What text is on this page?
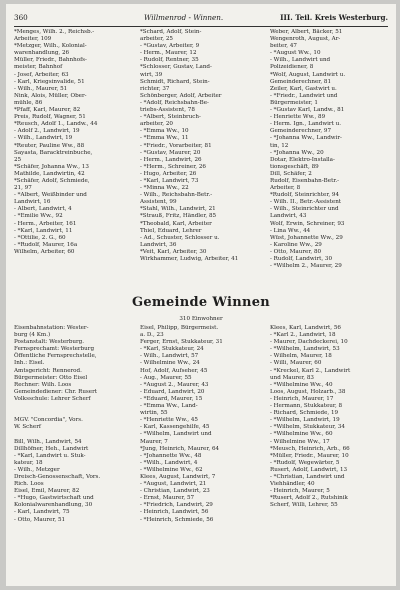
360	Willmenrod - Winnen.	III. Teil. Kreis Westerburg.
*Menges, Wilh. 2., Reichsb.-
Arbeiter, 109
*Metzger, Wilh., Kolonial-
warenhandlung, 26
Müller, Friedr., Bahnhofs-
meister, Bahnhof
- Josef, Arbeiter, 63
- Karl, Kriegsinvalide, 51
- Wilh., Maurer, 51
Nink, Alois, Müller, Ober-
mühle, 86
*Pfaff, Karl, Maurer, 82
Preis, Rudolf, Wagner, 51
*Reusch, Adolf 1., Landw., 44
- Adolf 2., Landwirt, 19
- Wilh., Landwirt, 19
*Reuter, Pauline Ww., 88
Sayasta, Baracktreinbuche,
25
*Schäfer, Johanna Ww., 13
Mathilde, Landwirtin, 42
*Schäfer, Adolf, Schmiede,
21, 97
- *Albert, Weißbinder und
Landwirt, 16
- Albert, Landwirt, 4
- *Emilie Ww., 92
- Herm., Arbeiter, 161
- *Karl, Landwirt, 11
- *Ottilie, 2. G., 60
- *Rudolf, Maurer, 16a
Wilhelm, Arbeiter, 60
*Schard, Adolf, Stein-
arbeiter, 25
- *Gustav, Arbeiter, 9
- Herm., Maurer, 12
- Rudolf, Rentner, 35
*Schlosser, Gustav, Land-
wirt, 39
Schmidt, Richard, Stein-
richter, 37
Schönberger, Adolf, Arbeiter
- *Adolf, Reichsbahn-Be-
triebs-Assistent, 78
- *Albert, Steinbruch-
arbeiter, 20
- *Emma Ww., 10
- *Emma Ww., 11
- *Friedr., Vorarbeiter, 81
- *Gustav, Maurer, 20
- Herm., Landwirt, 26
- *Herm., Schreiner, 26
- Hugo, Arbeiter, 26
- *Karl, Landwirt, 73
- *Minna Ww., 22
- Wilh., Reichsbahn-Betr.-
Assistent, 99
*Stahl, Wilh., Landwirt, 21
*Strauß, Fritz, Händler, 85
*Theobald, Karl, Arbeiter
Thiel, Eduard, Lehrer
- Ad., Schuster, Schlosser u.
Landwirt, 36
*Veit, Karl, Arbeiter, 30
Wirkhammer, Ludwig, Arbeiter, 41
Weber, Albert, Bäcker, 51
Wengenroth, August, Ar-
beiter, 47
- *August Ww., 10
- Wilh., Landwirt und
Polizeidiener, 8
*Wolf, August, Landwirt u.
Gemeinderechner, 81
Zeiler, Karl, Gastwirt u.
- *Friedr., Landwirt und
Bürgermeister, 1
- *Gustav Karl, Landw., 81
- Henriette Ww., 89
- Herm. Ign., Landwirt u.
Gemeinderechner, 97
- *Johanna Ww., Landwir-
tin, 12
- *Johanna Ww., 20
Dotar, Elektro-Installa-
tionsgeschäft, 89
Dill, Schäfer, 2
Rudolf, Eisenbahn-Betr.-
Arbeiter, 8
*Rudolf, Steinrichter, 94
- Wilh. II., Betr.-Assistent
- Wilh., Steinrichter und
Landwirt, 43
Wolf, Erwin, Schreiner, 93
- Lina Ww., 44
Wüst, Johannette Ww., 29
- Karoline Ww., 29
- Otto, Maurer, 80
- Rudolf, Landwirt, 30
- *Wilhelm 2., Maurer, 29
Gemeinde Winnen
310 Einwohner
Eisenbahnstation: Wester-
burg (4 Km.)
Postanstalt: Westerburg.
Fernsprechamt: Westerburg
Öffentliche Fernsprechstelle,
Inh.: Eisel.
Amtsgericht: Rennerod.
Bürgermeister: Otto Eisel
Rechner: Wilh. Loos
Gemeindediener: Chr. Rusert
Volksschule: Lehrer Scherf
MGV. "Concordia", Vors.
W. Scherf
Bill, Wilh., Landwirt, 54
Dillhöfner, Heh., Landwirt
- *Karl, Landwirt u. Stuk-
kateur, 18
- Wilh., Metzger
Dreisch-Genossenschaft, Vors.
Rich. Loos
Eisel, Emil, Maurer, 82
- *Hugo, Gastwirtschaft und
Kolonialwarenhandlung, 30
- Karl, Landwirt, 75
- Otto, Maurer, 51
Eisel, Philipp, Bürgermeist.
a. D., 23
Ferger, Ernst, Stukkateur, 31
- *Karl, Stukkateur, 24
- Wilh., Landwirt, 57
- Wilhelmine Ww., 24
Hof, Adolf, Aufseher, 45
- Aug., Maurer, 55
- *August 2., Maurer, 43
- Eduard, Landwirt, 20
- *Eduard, Maurer, 15
- *Emma Ww., Land-
wirtin, 55
- *Henriette Ww., 45
- Karl, Kassengehilfe, 45
- *Wilhelm, Landwirt und
Maurer, 7
*Jung, Heinrich, Maurer, 64
- *Johannette Ww., 48
- *Wilh., Landwirt, 4
- *Wilhelmine Ww., 62
Klees, August, Landwirt, 7
- *August, Landwirt, 21
- Christian, Landwirt, 23
- Ernst, Maurer, 57
- *Friedrich, Landwirt, 29
- Heinrich, Landwirt, 56
- *Heinrich, Schmiede, 56
Klees, Karl, Landwirt, 56
- *Karl 2., Landwirt, 18
- Maurer, Dachdeckerei, 10
- *Wilhelm, Landwirt, 53
- Wilhelm, Maurer, 18
- Willi, Maurer, 60
- *Kreckel, Karl 2., Landwirt
und Maurer, 83
- *Wilhelmine Ww., 40
Loos, August, Holzarb., 38
- Heinrich, Maurer, 17
- Hermann, Stukkateur, 8
- Richard, Schmiede, 19
- *Wilhelm, Landwirt, 19
- *Wilhelm, Stukkateur, 34
- *Wilhelmine Ww., 60
- Wilhelmine Ww., 17
*Meusch, Heinrich, Arb., 66
*Müller, Friedr., Maurer, 10
- *Rudolf, Wegewärter, 5
Rusert, Adolf, Landwirt, 13
- *Christian, Landwirt und
Viehhändler, 40
- Heinrich, Maurer, 5
*Rusert, Adolf 2., Rutshinik
Scherf, Willi, Lehrer, 55
